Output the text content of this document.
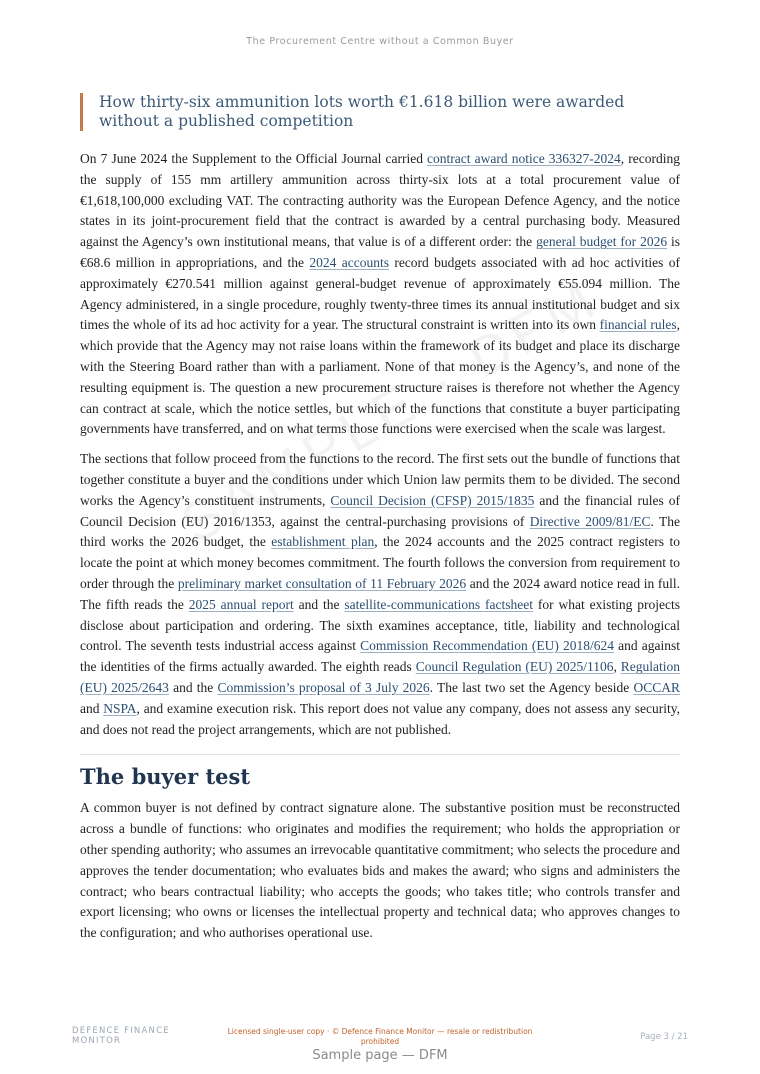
The Procurement Centre without a Common Buyer
How thirty-six ammunition lots worth €1.618 billion were awarded without a published competition

On 7 June 2024 the Supplement to the Official Journal carried contract award notice 336327-2024, recording the supply of 155 mm artillery ammunition across thirty-six lots at a total procurement value of €1,618,100,000 excluding VAT. The contracting authority was the European Defence Agency, and the notice states in its joint-procurement field that the contract is awarded by a central purchasing body. Measured against the Agency’s own institutional means, that value is of a different order: the general budget for 2026 is €68.6 million in appropriations, and the 2024 accounts record budgets associated with ad hoc activities of approximately €270.541 million against general-budget revenue of approximately €55.094 million. The Agency administered, in a single procedure, roughly twenty-three times its annual institutional budget and six times the whole of its ad hoc activity for a year. The structural constraint is written into its own financial rules, which provide that the Agency may not raise loans within the framework of its budget and place its discharge with the Steering Board rather than with a parliament. None of that money is the Agency’s, and none of the resulting equipment is. The question a new procurement structure raises is therefore not whether the Agency can contract at scale, which the notice settles, but which of the functions that constitute a buyer participating governments have transferred, and on what terms those functions were exercised when the scale was largest.

The sections that follow proceed from the functions to the record. The first sets out the bundle of functions that together constitute a buyer and the conditions under which Union law permits them to be divided. The second works the Agency’s constituent instruments, Council Decision (CFSP) 2015/1835 and the financial rules of Council Decision (EU) 2016/1353, against the central-purchasing provisions of Directive 2009/81/EC. The third works the 2026 budget, the establishment plan, the 2024 accounts and the 2025 contract registers to locate the point at which money becomes commitment. The fourth follows the conversion from requirement to order through the preliminary market consultation of 11 February 2026 and the 2024 award notice read in full. The fifth reads the 2025 annual report and the satellite-communications factsheet for what existing projects disclose about participation and ordering. The sixth examines acceptance, title, liability and technological control. The seventh tests industrial access against Commission Recommendation (EU) 2018/624 and against the identities of the firms actually awarded. The eighth reads Council Regulation (EU) 2025/1106, Regulation (EU) 2025/2643 and the Commission’s proposal of 3 July 2026. The last two set the Agency beside OCCAR and NSPA, and examine execution risk. This report does not value any company, does not assess any security, and does not read the project arrangements, which are not published.

The buyer test

A common buyer is not defined by contract signature alone. The substantive position must be reconstructed across a bundle of functions: who originates and modifies the requirement; who holds the appropriation or other spending authority; who assumes an irrevocable quantitative commitment; who selects the procedure and approves the tender documentation; who evaluates bids and makes the award; who signs and administers the contract; who bears contractual liability; who accepts the goods; who takes title; who controls transfer and export licensing; who owns or licenses the intellectual property and technical data; who approves changes to the configuration; and who authorises operational use.

DEFENCE FINANCE
MONITOR
Licensed single-user copy · © Defence Finance Monitor — resale or redistribution prohibited	Page 3 / 21
Sample page — DFM
